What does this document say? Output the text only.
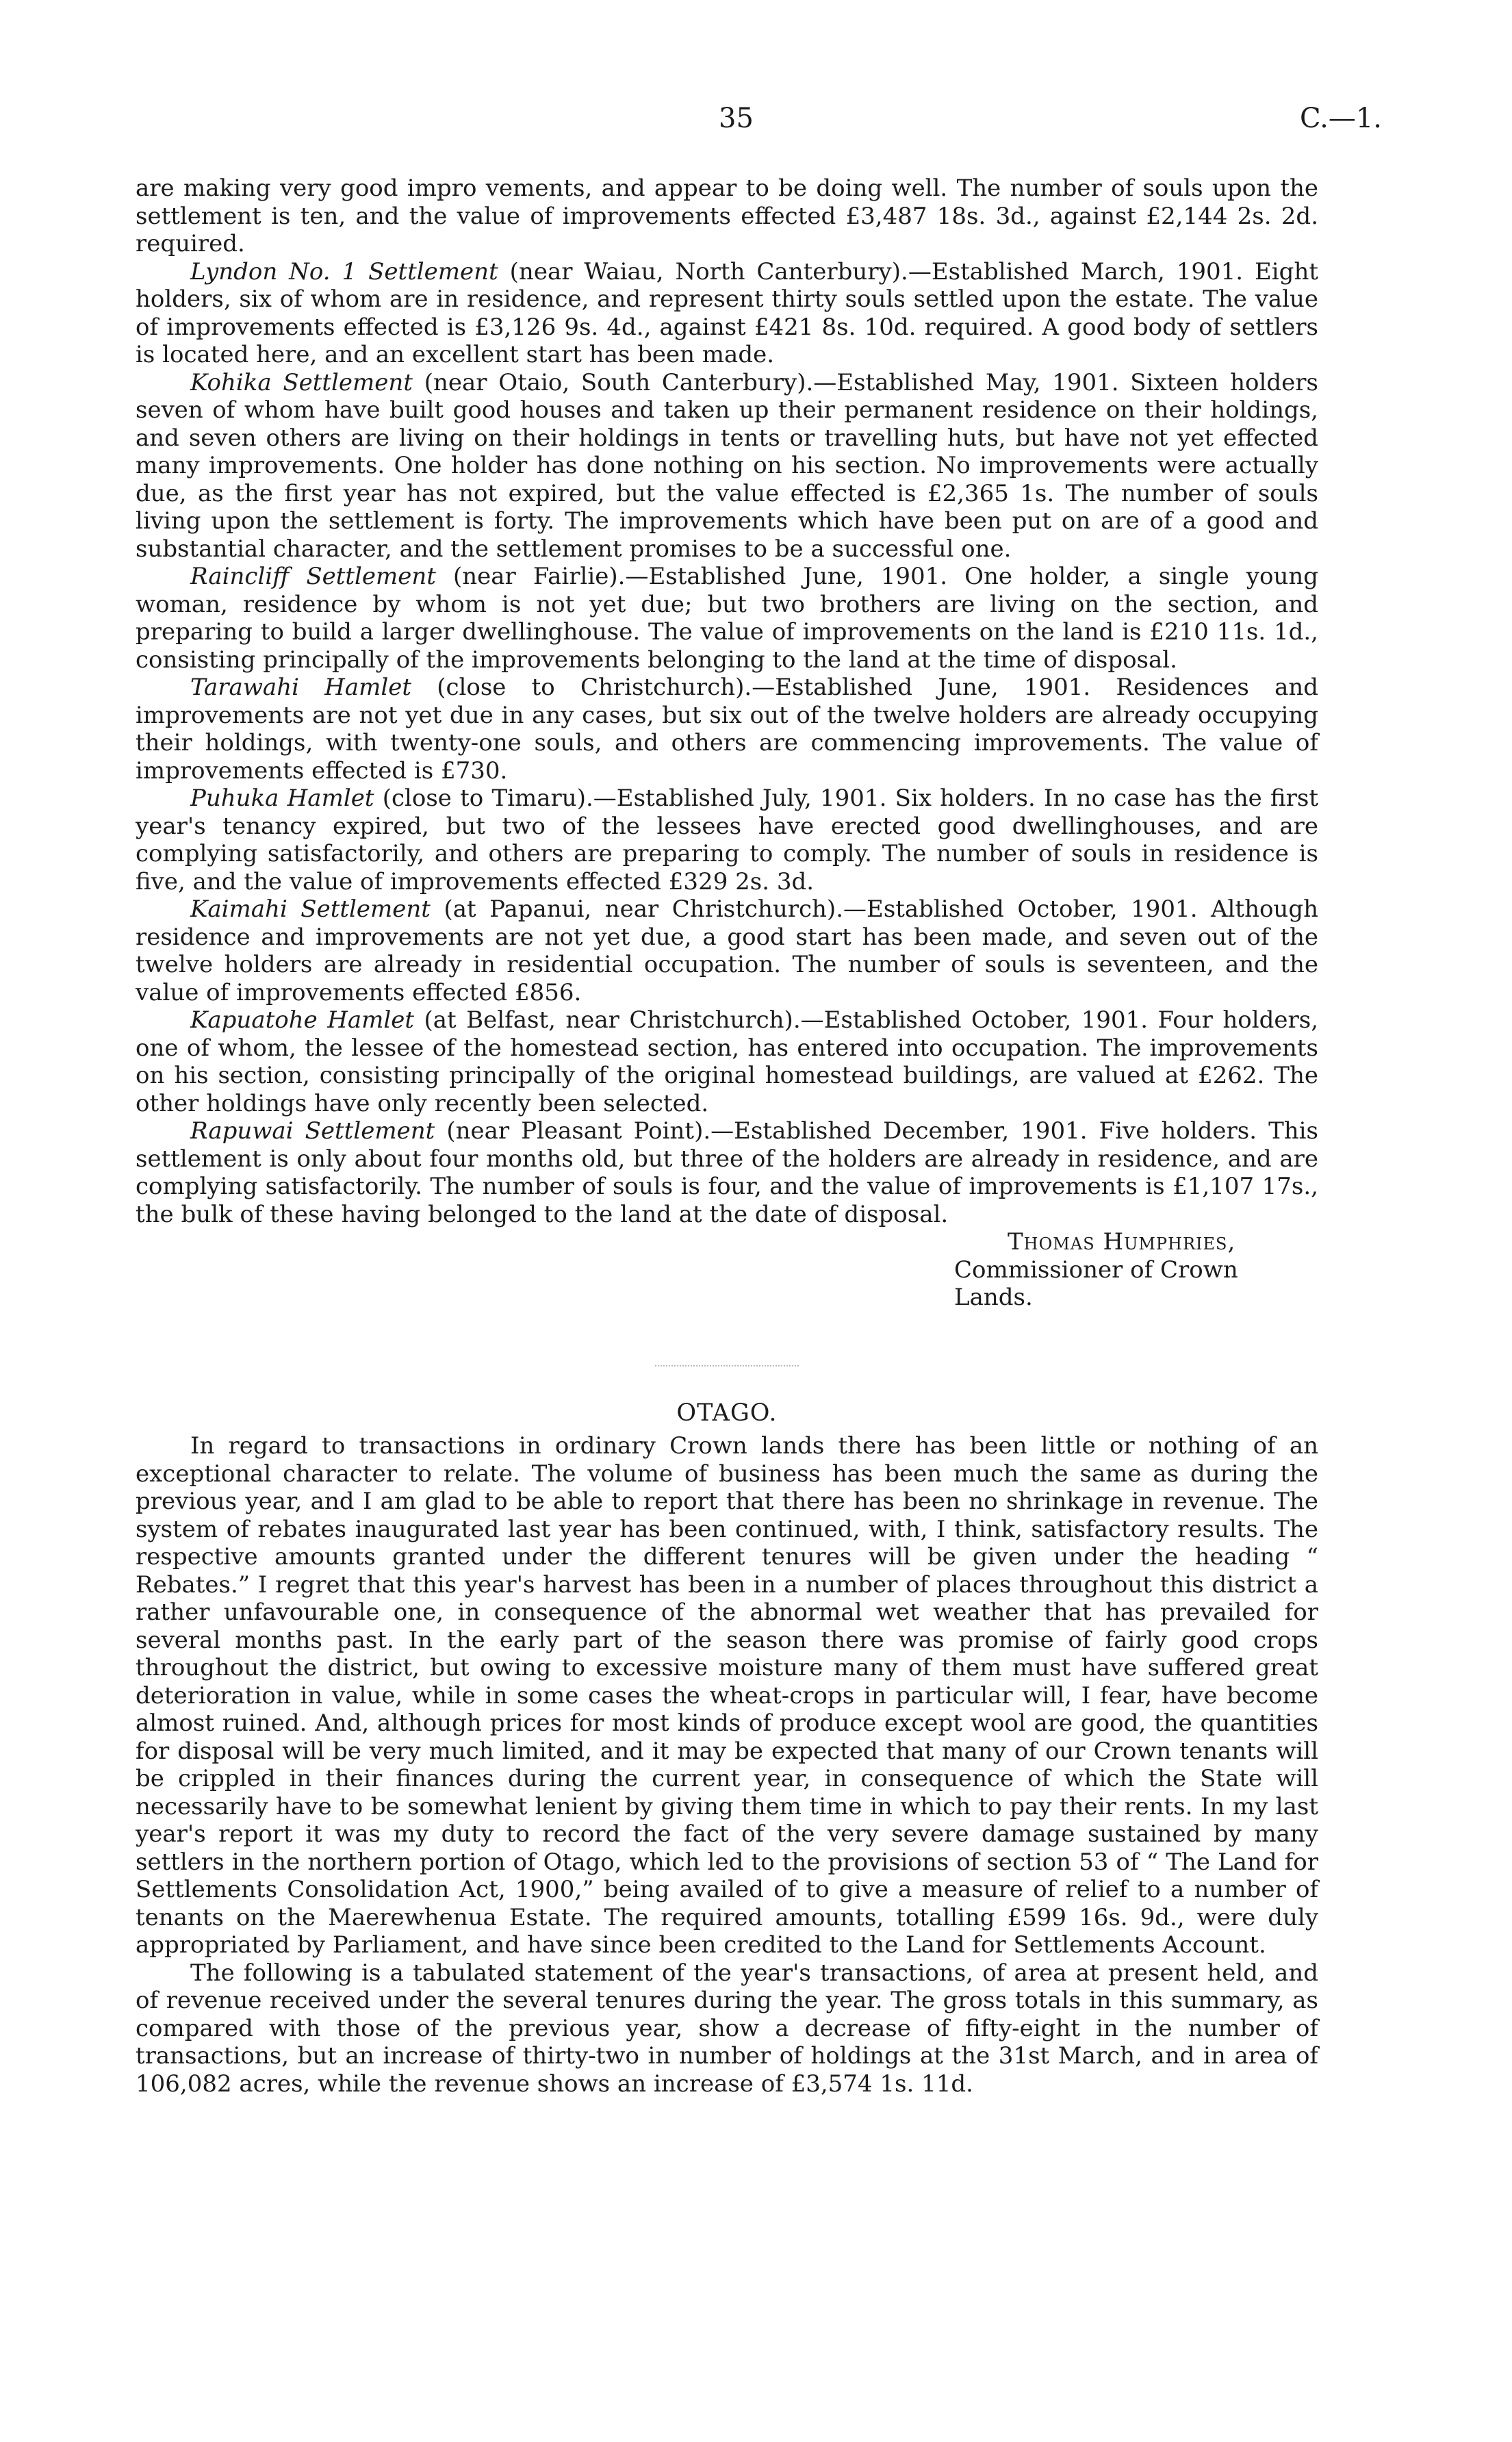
35	C.—1.

are making very good impro vements, and appear to be doing well. The number of souls upon the settlement is ten, and the value of improvements effected £3,487 18s. 3d., against £2,144 2s. 2d. required.

Lyndon No. 1 Settlement (near Waiau, North Canterbury).—Established March, 1901. Eight holders, six of whom are in residence, and represent thirty souls settled upon the estate. The value of improvements effected is £3,126 9s. 4d., against £421 8s. 10d. required. A good body of settlers is located here, and an excellent start has been made.

Kohika Settlement (near Otaio, South Canterbury).—Established May, 1901. Sixteen holders seven of whom have built good houses and taken up their permanent residence on their holdings, and seven others are living on their holdings in tents or travelling huts, but have not yet effected many improvements. One holder has done nothing on his section. No improvements were actually due, as the first year has not expired, but the value effected is £2,365 1s. The number of souls living upon the settlement is forty. The improvements which have been put on are of a good and substantial character, and the settlement promises to be a successful one.

Raincliff Settlement (near Fairlie).—Established June, 1901. One holder, a single young woman, residence by whom is not yet due; but two brothers are living on the section, and preparing to build a larger dwellinghouse. The value of improvements on the land is £210 11s. 1d., consisting principally of the improvements belonging to the land at the time of disposal.

Tarawahi Hamlet (close to Christchurch).—Established June, 1901. Residences and improvements are not yet due in any cases, but six out of the twelve holders are already occupying their holdings, with twenty-one souls, and others are commencing improvements. The value of improvements effected is £730.

Puhuka Hamlet (close to Timaru).—Established July, 1901. Six holders. In no case has the first year's tenancy expired, but two of the lessees have erected good dwellinghouses, and are complying satisfactorily, and others are preparing to comply. The number of souls in residence is five, and the value of improvements effected £329 2s. 3d.

Kaimahi Settlement (at Papanui, near Christchurch).—Established October, 1901. Although residence and improvements are not yet due, a good start has been made, and seven out of the twelve holders are already in residential occupation. The number of souls is seventeen, and the value of improvements effected £856.

Kapuatohe Hamlet (at Belfast, near Christchurch).—Established October, 1901. Four holders, one of whom, the lessee of the homestead section, has entered into occupation. The improvements on his section, consisting principally of the original homestead buildings, are valued at £262. The other holdings have only recently been selected.

Rapuwai Settlement (near Pleasant Point).—Established December, 1901. Five holders. This settlement is only about four months old, but three of the holders are already in residence, and are complying satisfactorily. The number of souls is four, and the value of improvements is £1,107 17s., the bulk of these having belonged to the land at the date of disposal.

Thomas Humphries,
Commissioner of Crown Lands.
OTAGO.

In regard to transactions in ordinary Crown lands there has been little or nothing of an exceptional character to relate. The volume of business has been much the same as during the previous year, and I am glad to be able to report that there has been no shrinkage in revenue. The system of rebates inaugurated last year has been continued, with, I think, satisfactory results. The respective amounts granted under the different tenures will be given under the heading “ Rebates.” I regret that this year's harvest has been in a number of places throughout this district a rather unfavourable one, in consequence of the abnormal wet weather that has prevailed for several months past. In the early part of the season there was promise of fairly good crops throughout the district, but owing to excessive moisture many of them must have suffered great deterioration in value, while in some cases the wheat-crops in particular will, I fear, have become almost ruined. And, although prices for most kinds of produce except wool are good, the quantities for disposal will be very much limited, and it may be expected that many of our Crown tenants will be crippled in their finances during the current year, in consequence of which the State will necessarily have to be somewhat lenient by giving them time in which to pay their rents. In my last year's report it was my duty to record the fact of the very severe damage sustained by many settlers in the northern portion of Otago, which led to the provisions of section 53 of “ The Land for Settlements Consolidation Act, 1900,” being availed of to give a measure of relief to a number of tenants on the Maerewhenua Estate. The required amounts, totalling £599 16s. 9d., were duly appropriated by Parliament, and have since been credited to the Land for Settlements Account.

The following is a tabulated statement of the year's transactions, of area at present held, and of revenue received under the several tenures during the year. The gross totals in this summary, as compared with those of the previous year, show a decrease of fifty-eight in the number of transactions, but an increase of thirty-two in number of holdings at the 31st March, and in area of 106,082 acres, while the revenue shows an increase of £3,574 1s. 11d.
